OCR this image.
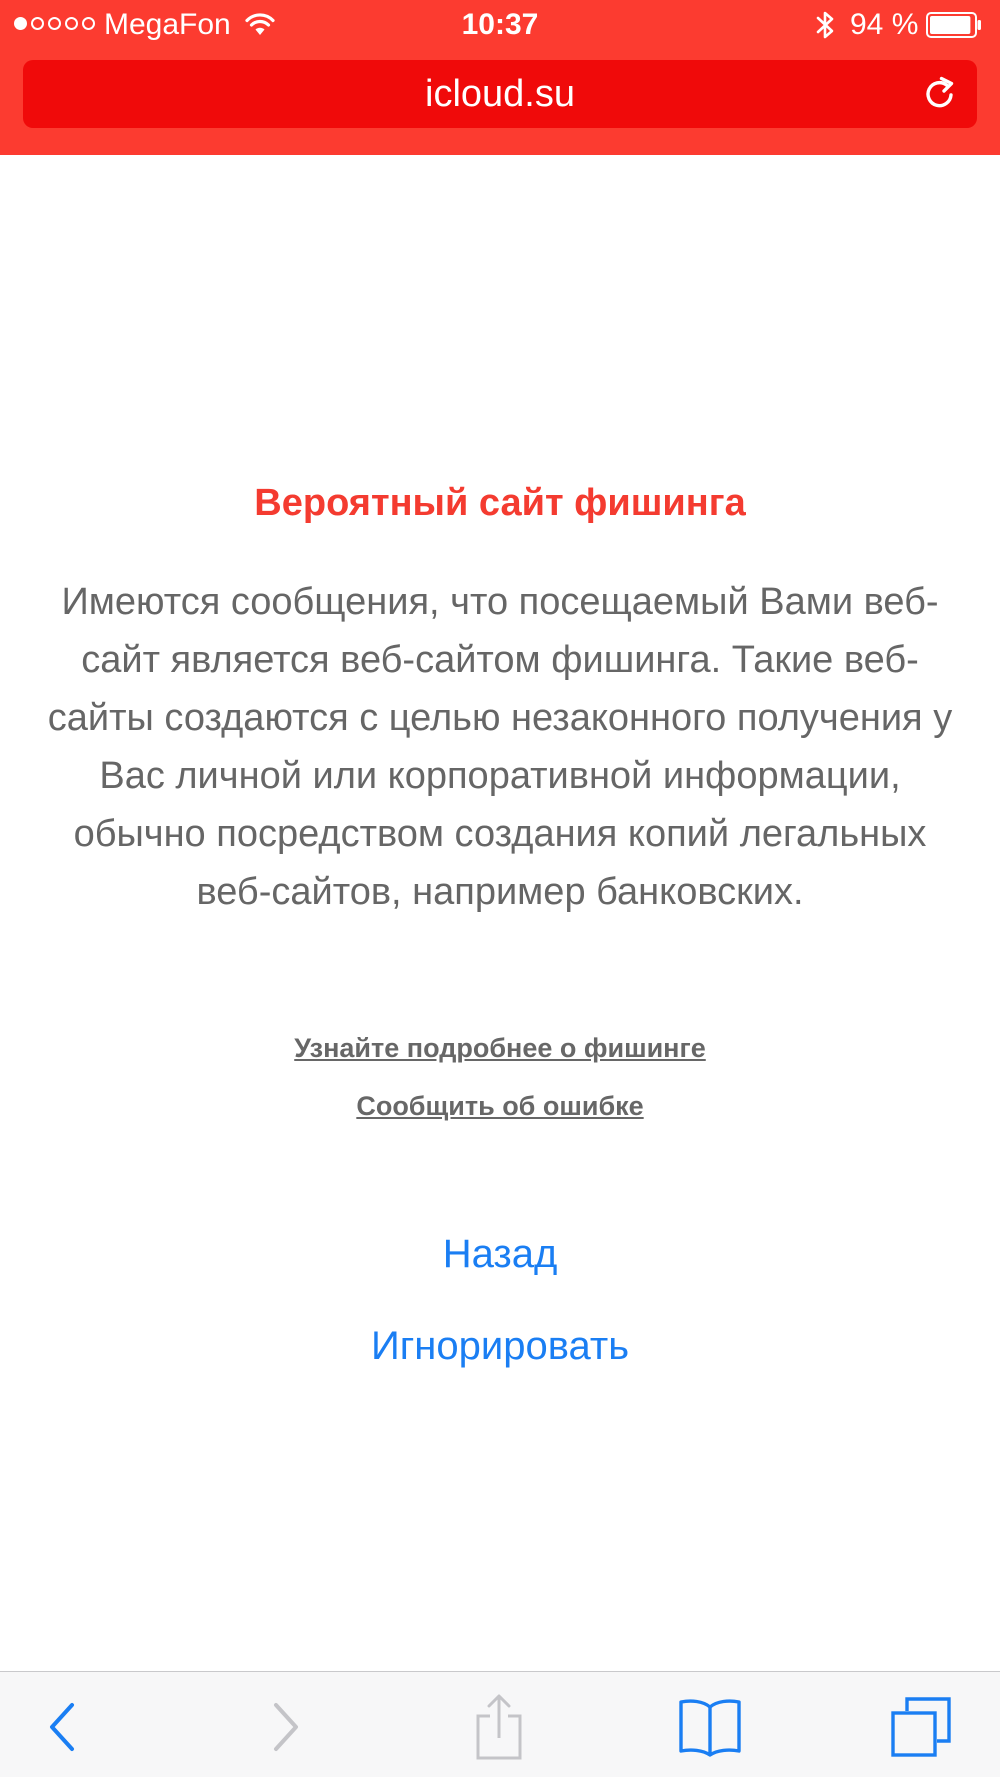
MegaFon	10:37	94 %
icloud.su
Вероятный сайт фишинга

Имеются сообщения, что посещаемый Вами веб-сайт является веб-сайтом фишинга. Такие веб-сайты создаются с целью незаконного получения у Вас личной или корпоративной информации, обычно посредством создания копий легальных веб-сайтов, например банковских.

Узнайте подробнее о фишинге
Сообщить об ошибке
Назад
Игнорировать
